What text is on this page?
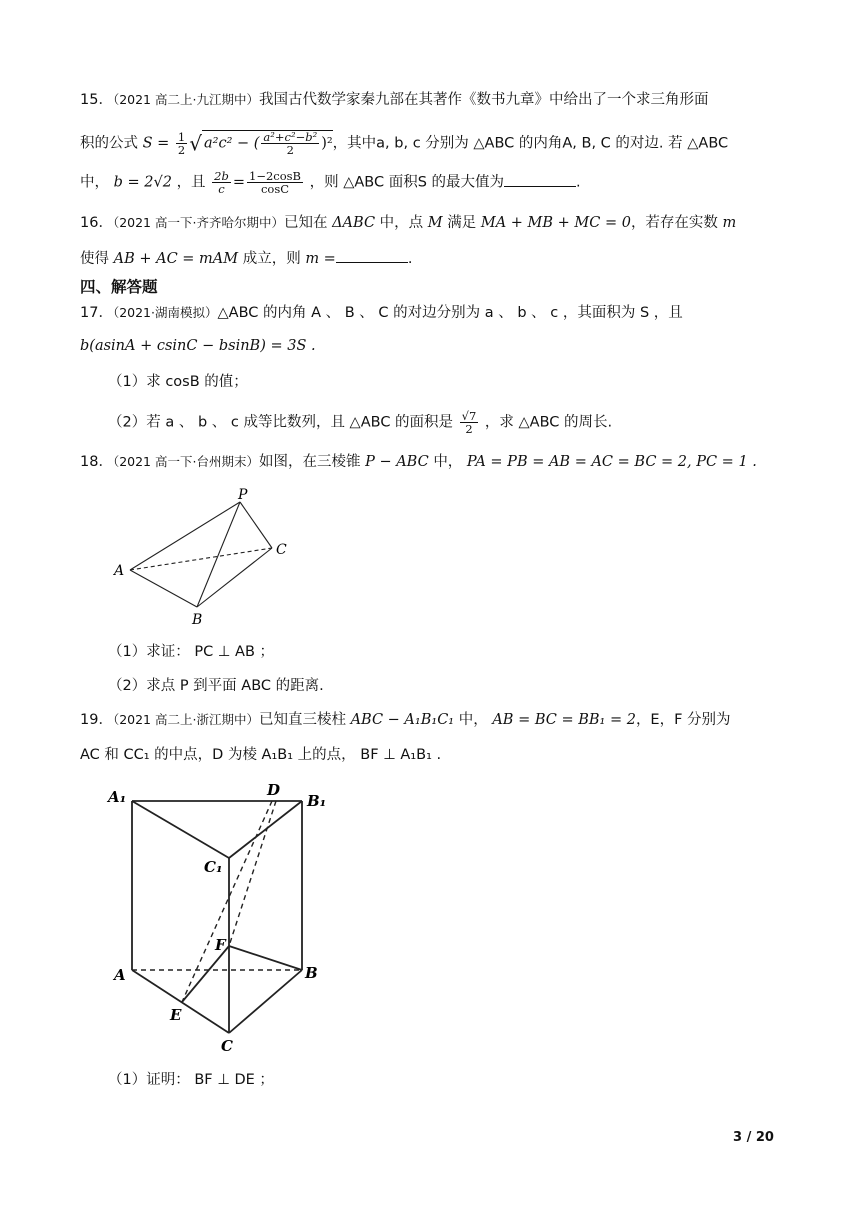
15．（2021 高二上·九江期中）我国古代数学家秦九部在其著作《数书九章》中给出了一个求三角形面
积的公式 $S = \frac{1}{2}$ √ a²c² − ( $\frac{\text{a²+c²−b²}}{2} )^2$，其中a, b, c 分别为 △ABC 的内角A, B, C 的对边. 若 △ABC
中， b = 2√2 ，且 $\frac{2b}{c} = \frac{1-2\cos B}{\cos C}$ ，则 △ABC 面积S 的最大值为	.
16．（2021 高一下·齐齐哈尔期中）已知在 ΔABC 中，点 M 满足 MA + MB + MC = 0，若存在实数 m
使得 AB + AC = mAM 成立，则 m =	.
四、解答题
17．（2021·湖南模拟）△ABC 的内角 A 、 B 、 C 的对边分别为 a 、 b 、 c ，其面积为 S ，且
b(asinA + csinC − bsinB) = 3S .
（1）求 cosB 的值；
（2）若 a 、 b 、 c 成等比数列，且 △ABC 的面积是 $\frac{√7}{2}$ ，求 △ABC 的周长.
18．（2021 高一下·台州期末）如图，在三棱锥 P − ABC 中， PA = PB = AB = AC = BC = 2, PC = 1 .
P
A
B
C
（1）求证： PC ⊥ AB ；
（2）求点 P 到平面 ABC 的距离.
19．（2021 高二上·浙江期中）已知直三棱柱 ABC − A₁B₁C₁ 中， AB = BC = BB₁ = 2，E，F 分别为
AC 和 CC₁ 的中点，D 为棱 A₁B₁ 上的点， BF ⊥ A₁B₁ .
A₁	B₁
D
C₁
F
A	B
E
C
（1）证明： BF ⊥ DE ；
3 / 20
